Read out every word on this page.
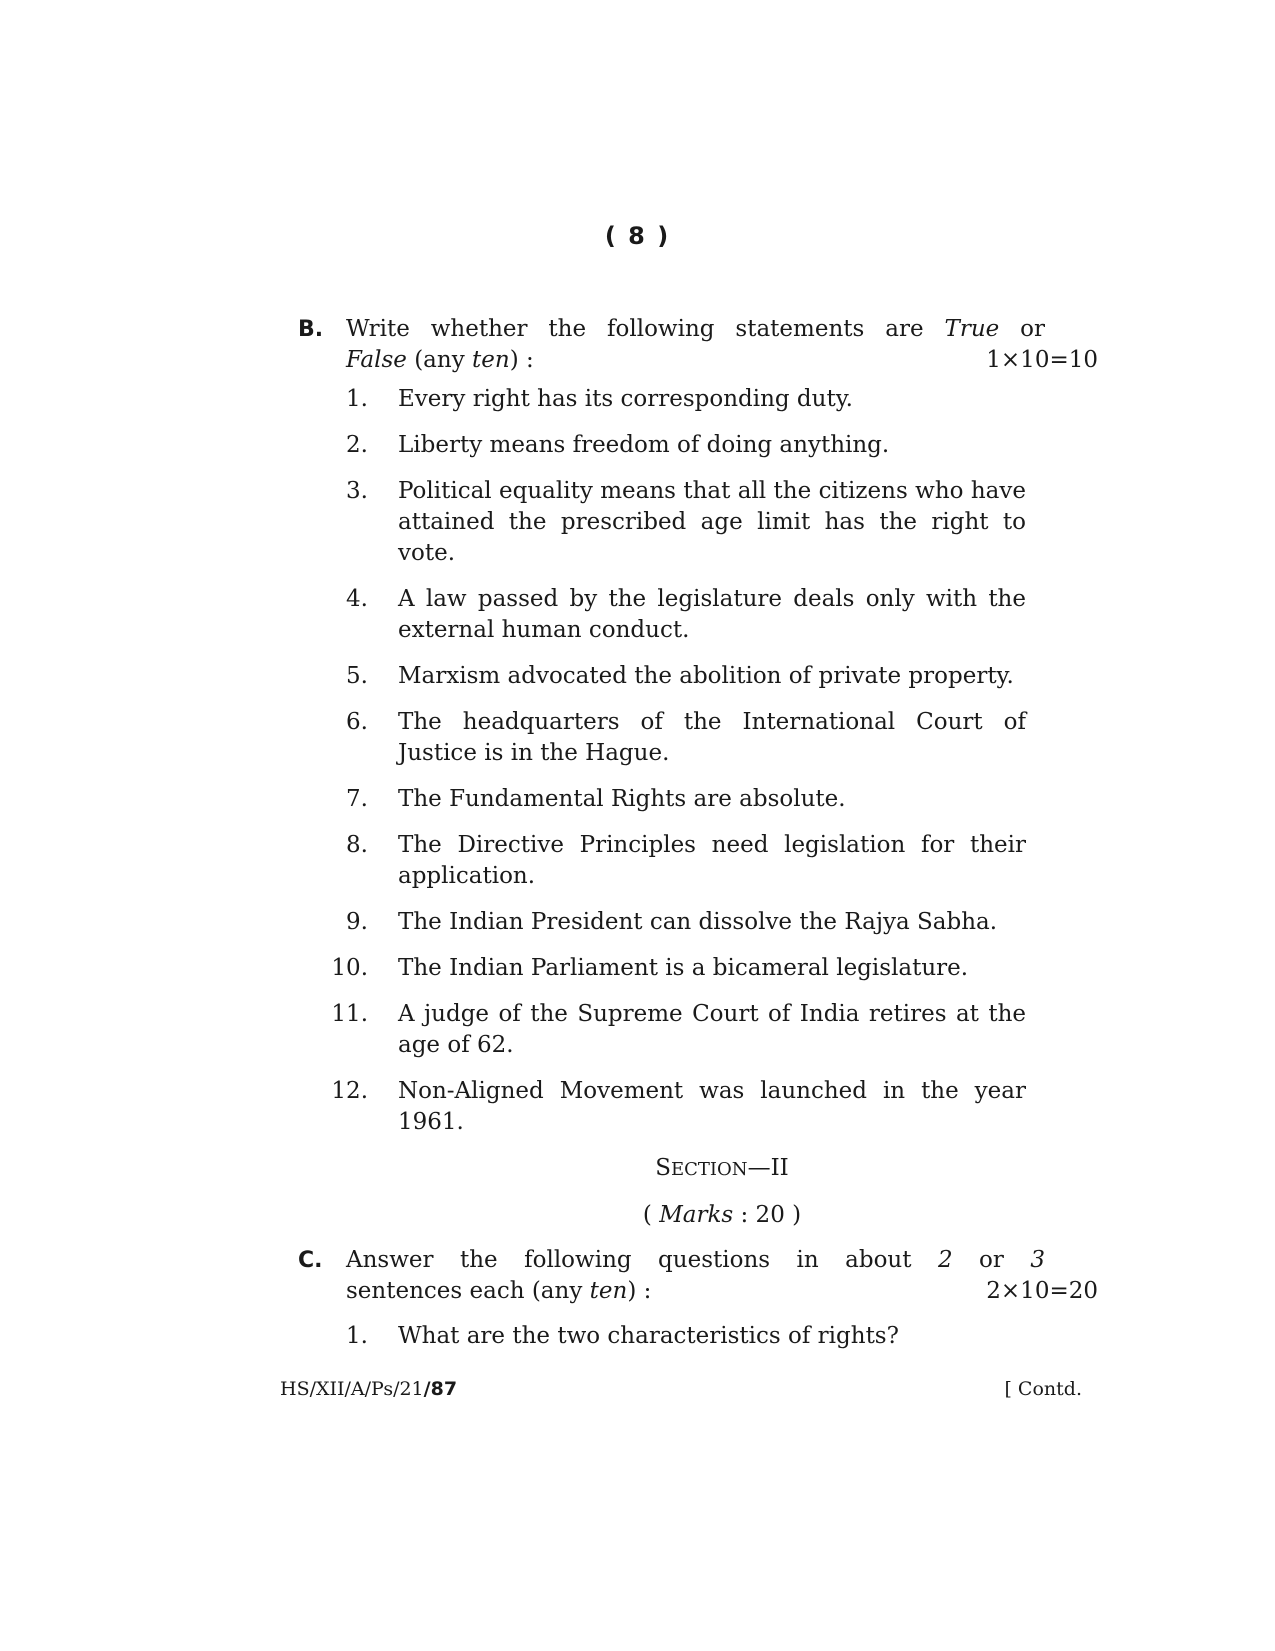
( 8 )
B. Write whether the following statements are True or
False (any ten) :	1×10=10
1. Every right has its corresponding duty.
2. Liberty means freedom of doing anything.
3. Political equality means that all the citizens who have attained the prescribed age limit has the right to vote.
4. A law passed by the legislature deals only with the external human conduct.
5. Marxism advocated the abolition of private property.
6. The headquarters of the International Court of Justice is in the Hague.
7. The Fundamental Rights are absolute.
8. The Directive Principles need legislation for their application.
9. The Indian President can dissolve the Rajya Sabha.
10. The Indian Parliament is a bicameral legislature.
11. A judge of the Supreme Court of India retires at the age of 62.
12. Non-Aligned Movement was launched in the year 1961.
SECTION—II
( Marks : 20 )
C. Answer the following questions in about 2 or 3
sentences each (any ten) :	2×10=20
1. What are the two characteristics of rights?
HS/XII/A/Ps/21/87	[ Contd.
